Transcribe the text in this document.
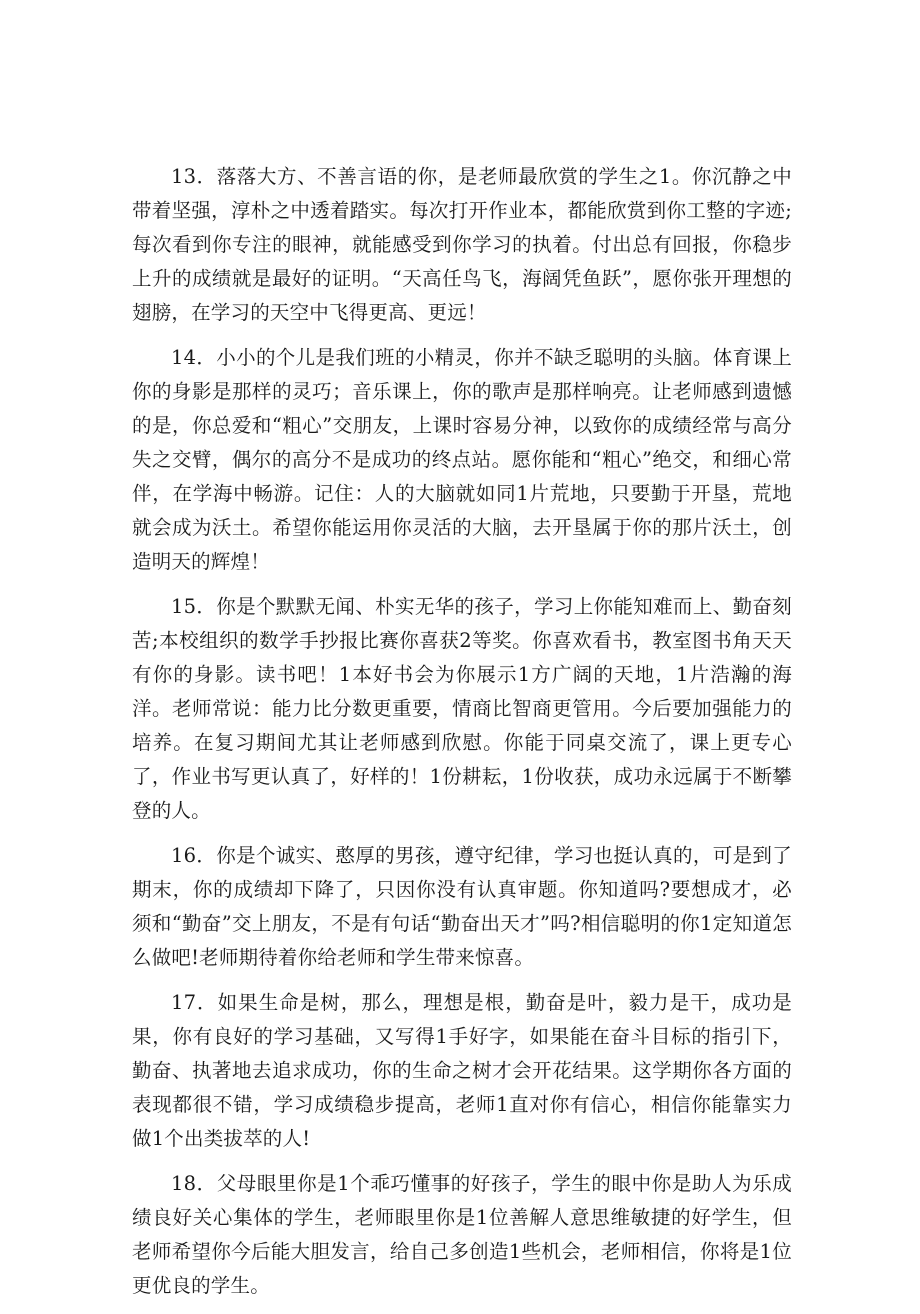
13．落落大方、不善言语的你，是老师最欣赏的学生之1。你沉静之中带着坚强，淳朴之中透着踏实。每次打开作业本，都能欣赏到你工整的字迹;每次看到你专注的眼神，就能感受到你学习的执着。付出总有回报，你稳步上升的成绩就是最好的证明。“天高任鸟飞，海阔凭鱼跃”，愿你张开理想的翅膀，在学习的天空中飞得更高、更远！

14．小小的个儿是我们班的小精灵，你并不缺乏聪明的头脑。体育课上你的身影是那样的灵巧；音乐课上，你的歌声是那样响亮。让老师感到遗憾的是，你总爱和“粗心”交朋友，上课时容易分神，以致你的成绩经常与高分失之交臂，偶尔的高分不是成功的终点站。愿你能和“粗心”绝交，和细心常伴，在学海中畅游。记住：人的大脑就如同1片荒地，只要勤于开垦，荒地就会成为沃土。希望你能运用你灵活的大脑，去开垦属于你的那片沃土，创造明天的辉煌！

15．你是个默默无闻、朴实无华的孩子，学习上你能知难而上、勤奋刻苦;本校组织的数学手抄报比赛你喜获2等奖。你喜欢看书，教室图书角天天有你的身影。读书吧！1本好书会为你展示1方广阔的天地，1片浩瀚的海洋。老师常说：能力比分数更重要，情商比智商更管用。今后要加强能力的培养。在复习期间尤其让老师感到欣慰。你能于同桌交流了，课上更专心了，作业书写更认真了，好样的！1份耕耘，1份收获，成功永远属于不断攀登的人。

16．你是个诚实、憨厚的男孩，遵守纪律，学习也挺认真的，可是到了期末，你的成绩却下降了，只因你没有认真审题。你知道吗?要想成才，必须和“勤奋”交上朋友，不是有句话“勤奋出天才”吗?相信聪明的你1定知道怎么做吧!老师期待着你给老师和学生带来惊喜。

17．如果生命是树，那么，理想是根，勤奋是叶，毅力是干，成功是果，你有良好的学习基础，又写得1手好字，如果能在奋斗目标的指引下，勤奋、执著地去追求成功，你的生命之树才会开花结果。这学期你各方面的表现都很不错，学习成绩稳步提高，老师1直对你有信心，相信你能靠实力做1个出类拔萃的人!

18．父母眼里你是1个乖巧懂事的好孩子，学生的眼中你是助人为乐成绩良好关心集体的学生，老师眼里你是1位善解人意思维敏捷的好学生，但老师希望你今后能大胆发言，给自己多创造1些机会，老师相信，你将是1位更优良的学生。
